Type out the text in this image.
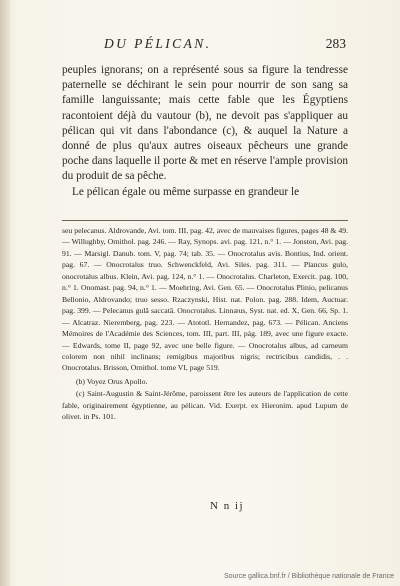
DU PÉLICAN.	283

peuples ignorans; on a représenté sous sa figure la tendresse paternelle se déchirant le sein pour nourrir de son sang sa famille languissante; mais cette fable que les Égyptiens racontoient déjà du vautour (b), ne devoit pas s'appliquer au pélican qui vit dans l'abondance (c), & auquel la Nature a donné de plus qu'aux autres oiseaux pêcheurs une grande poche dans laquelle il porte & met en réserve l'ample provision du produit de sa pêche.

Le pélican égale ou même surpasse en grandeur le

seu pelecanus. Aldrovande, Avi. tom. III, pag. 42, avec de mauvaises figures, pages 48 & 49. — Willughby, Ornithol. pag. 246. — Ray, Synops. avi. pag. 121, n.° 1. — Jonston, Avi. pag. 91. — Marsigl. Danub. tom. V, pag. 74; tab. 35. — Onocrotalus avis. Bontius, Ind. orient. pag. 67. — Onocrotalus truo. Schwenckfeld, Avi. Siles. pag. 311. — Plancus gulo, onocrotalus albus. Klein, Avi. pag. 124, n.° 1. — Onocrotalus. Charleton, Exercit. pag. 100, n.° 1. Onomast. pag. 94, n.° 1. — Moehring, Avi. Gen. 65. — Onocrotalus Plinio, pelicanus Bellonio, Aldrovando; truo sesso. Rzaczynski, Hist. nat. Polon. pag. 288. Idem, Auctuar. pag. 399. — Pelecanus gulâ saccatâ. Onocrotalus. Linnæus, Syst. nat. ed. X, Gen. 66, Sp. 1. — Alcatraz. Nieremberg, pag. 223. — Atototl. Hernandez, pag. 673. — Pélican. Anciens Mémoires de l'Académie des Sciences, tom. III, part. III, pág. 189, avec une figure exacte. — Edwards, tome II, page 92, avec une belle figure. — Onocrotalus albus, ad carneum colorem non nihil inclinans; remigibus majoribus nigris; rectricibus candidis, . . Onocrotalus. Brisson, Ornithol. tome VI, page 519.

(b) Voyez Orus Apollo.

(c) Saint-Augustin & Saint-Jérôme, paroissent être les auteurs de l'application de cette fable, originairement égyptienne, au pélican. Vid. Exerpt. ex Hieronim. apud Lupum de olivet. in Ps. 101.

N n ij
Source gallica.bnf.fr / Bibliothèque nationale de France
